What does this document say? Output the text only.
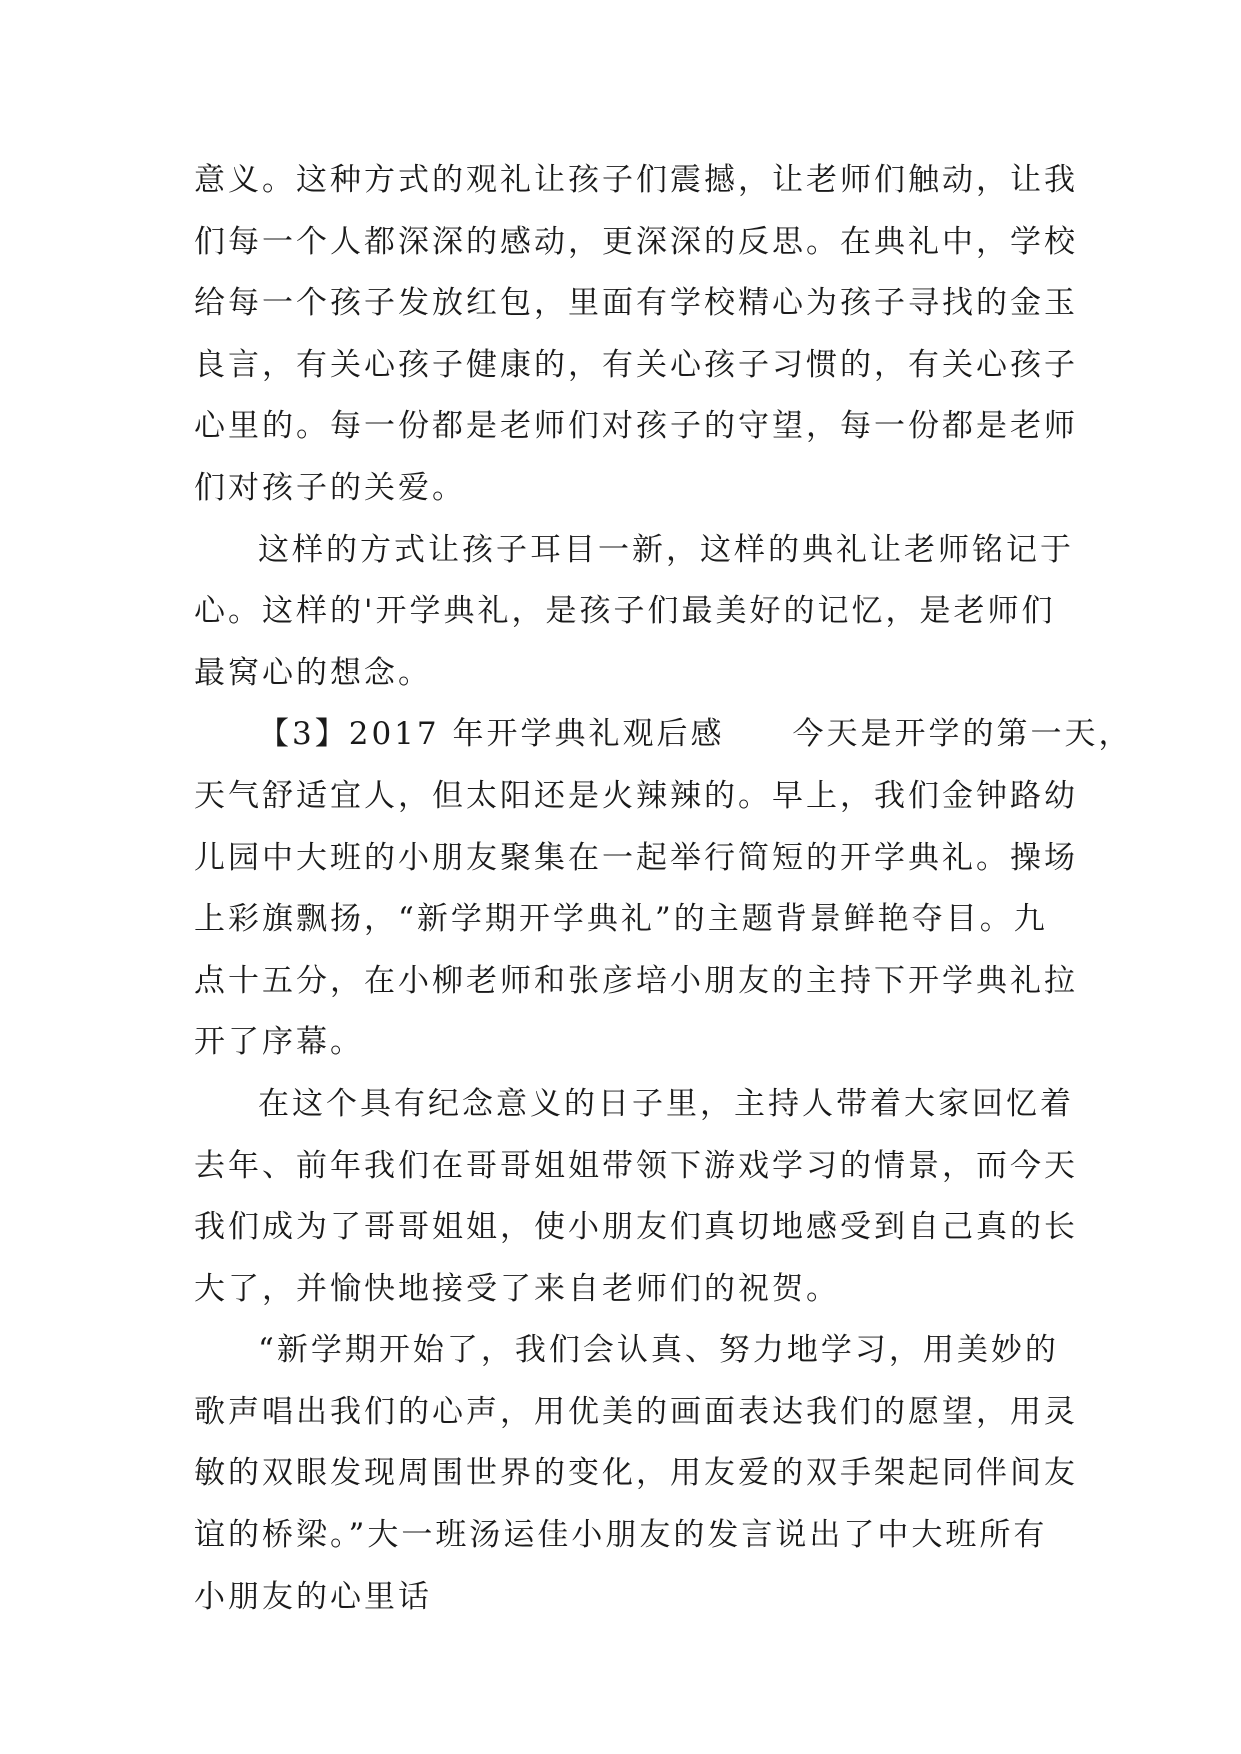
意义。这种方式的观礼让孩子们震撼，让老师们触动，让我
们每一个人都深深的感动，更深深的反思。在典礼中，学校
给每一个孩子发放红包，里面有学校精心为孩子寻找的金玉
良言，有关心孩子健康的，有关心孩子习惯的，有关心孩子
心里的。每一份都是老师们对孩子的守望，每一份都是老师
们对孩子的关爱。
这样的方式让孩子耳目一新，这样的典礼让老师铭记于
心。这样的'开学典礼，是孩子们最美好的记忆，是老师们
最窝心的想念。
【3】2017 年开学典礼观后感　　今天是开学的第一天，
天气舒适宜人，但太阳还是火辣辣的。早上，我们金钟路幼
儿园中大班的小朋友聚集在一起举行简短的开学典礼。操场
上彩旗飘扬，“新学期开学典礼”的主题背景鲜艳夺目。九
点十五分，在小柳老师和张彦培小朋友的主持下开学典礼拉
开了序幕。
在这个具有纪念意义的日子里，主持人带着大家回忆着
去年、前年我们在哥哥姐姐带领下游戏学习的情景，而今天
我们成为了哥哥姐姐，使小朋友们真切地感受到自己真的长
大了，并愉快地接受了来自老师们的祝贺。
“新学期开始了，我们会认真、努力地学习，用美妙的
歌声唱出我们的心声，用优美的画面表达我们的愿望，用灵
敏的双眼发现周围世界的变化，用友爱的双手架起同伴间友
谊的桥梁。”大一班汤运佳小朋友的发言说出了中大班所有
小朋友的心里话
